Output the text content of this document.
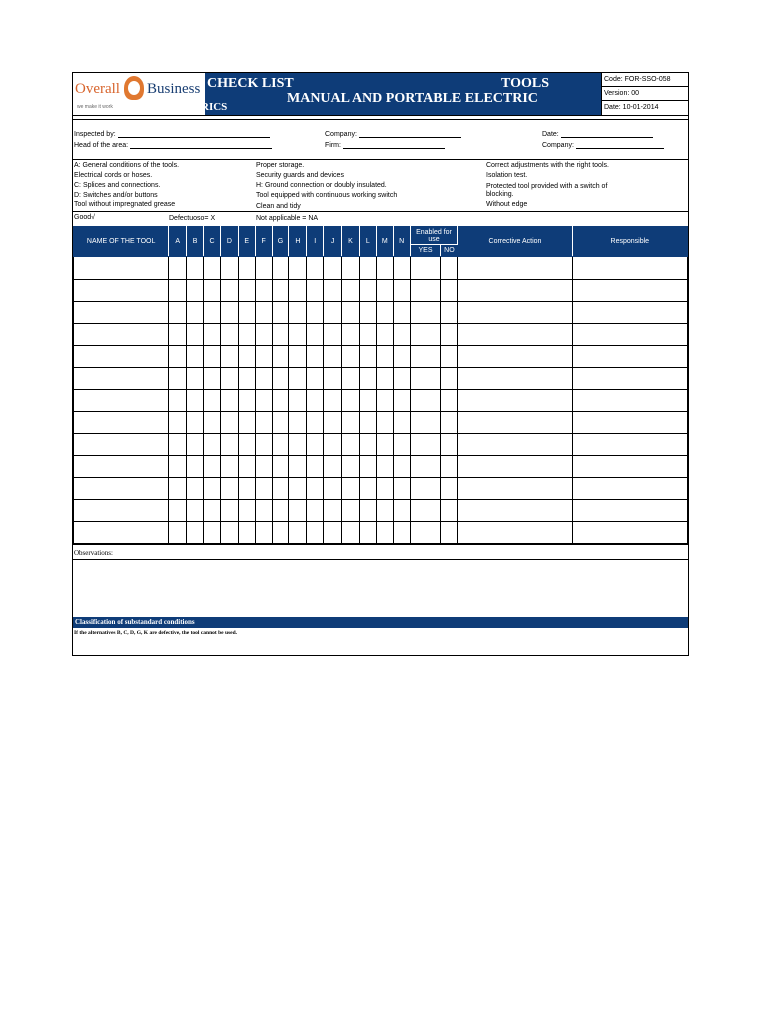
Overall Business
we make it work
CHECK LIST	TOOLS
MANUAL AND PORTABLE ELECTRIC
RICS
Code: FOR-SSO-058
Version: 00
Date: 10-01-2014
Inspected by:
Head of the area:
Company:
Firm:
Date:
Company:
A: General conditions of the tools.
Electrical cords or hoses.
C: Splices and connections.
D: Switches and/or buttons
Tool without impregnated grease
Proper storage.
Security guards and devices
H: Ground connection or doubly insulated.
Tool equipped with continuous working switch
Clean and tidy
Correct adjustments with the right tools.
Isolation test.
Protected tool provided with a switch of
blocking.
Without edge
Good√	Defectuoso= X	Not applicable = NA
NAME OF THE TOOL	A	B	C	D	E	F	G	H	I	J	K	L	M	N	Enabled for use		Corrective Action	Responsible
															YES	NO		

Observations:
Classification of substandard conditions
If the alternatives B, C, D, G, K are defective, the tool cannot be used.
